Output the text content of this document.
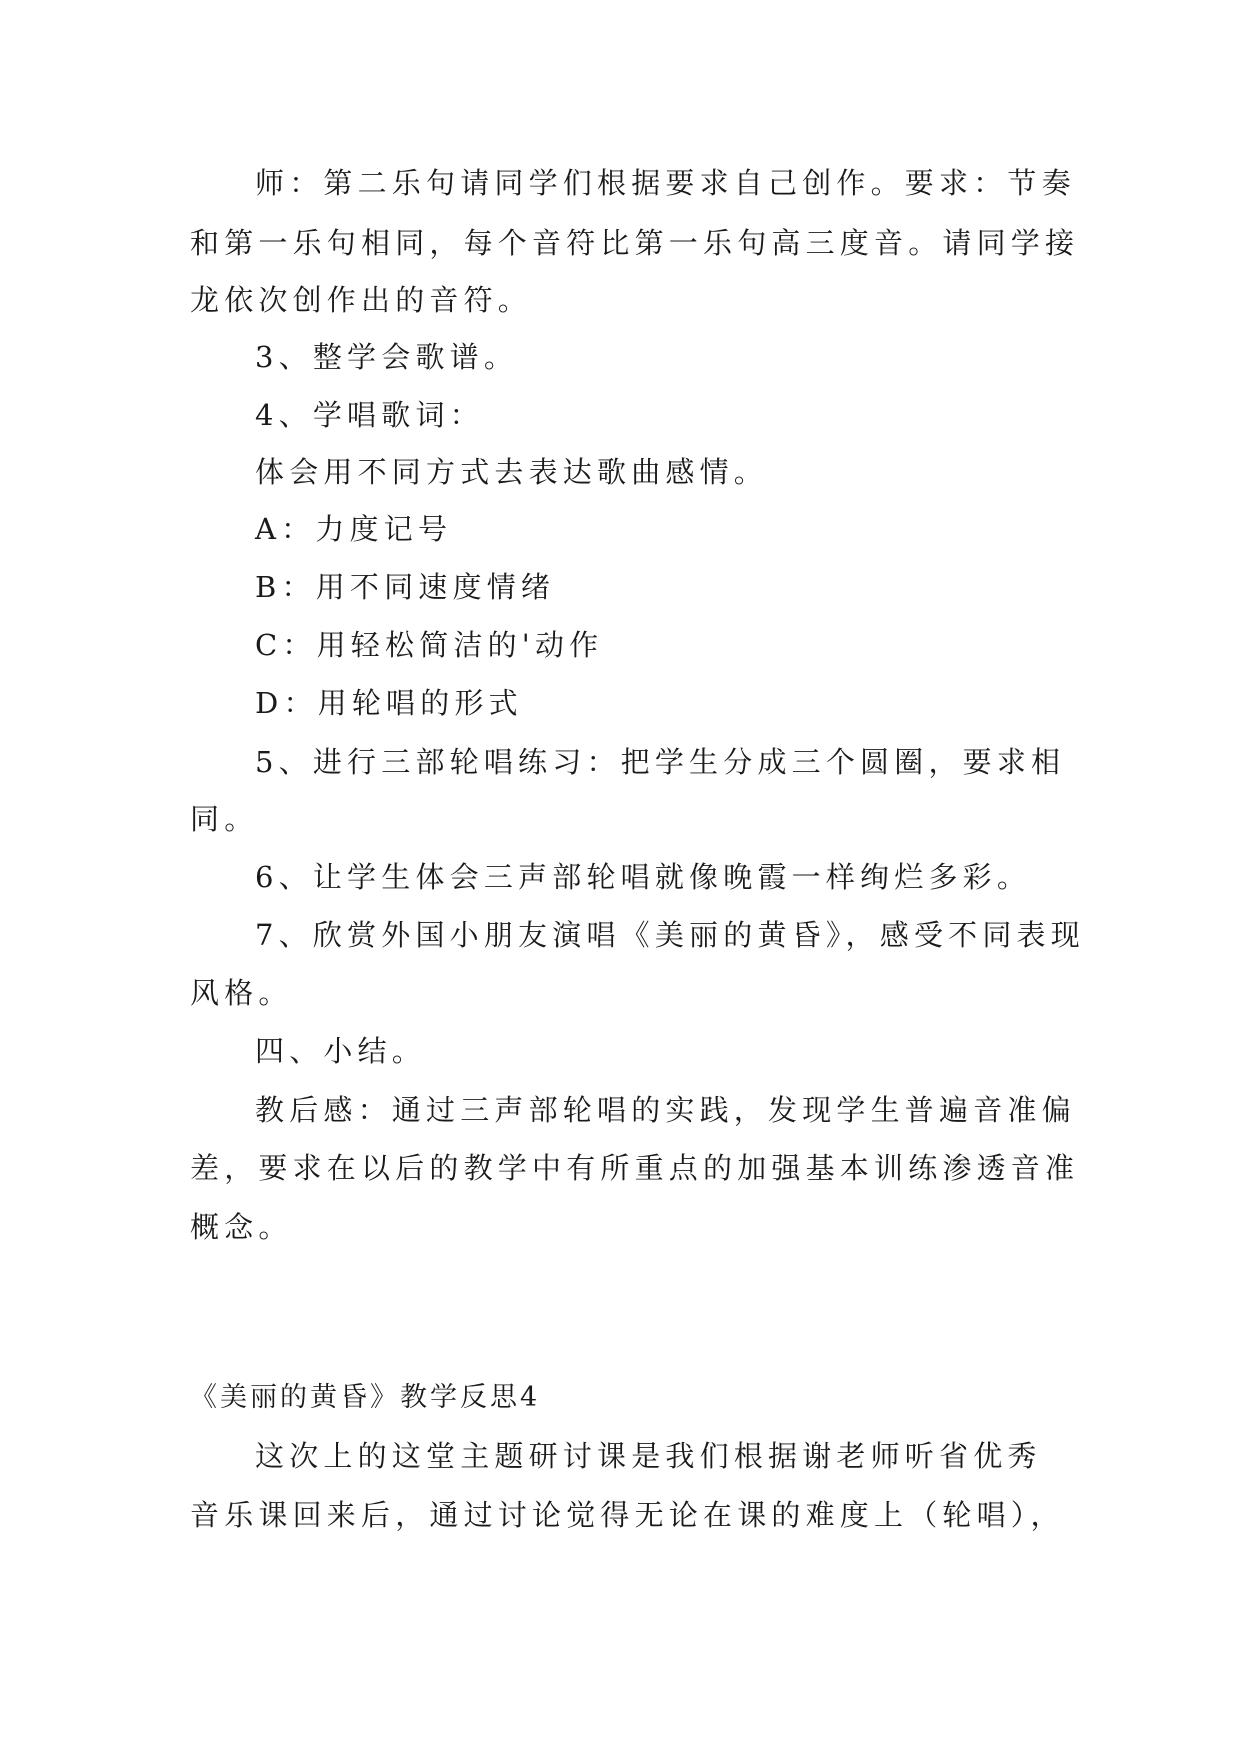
师：第二乐句请同学们根据要求自己创作。要求：节奏
和第一乐句相同，每个音符比第一乐句高三度音。请同学接
龙依次创作出的音符。
3、整学会歌谱。
4、学唱歌词：
体会用不同方式去表达歌曲感情。
A：力度记号
B：用不同速度情绪
C：用轻松简洁的'动作
D：用轮唱的形式
5、进行三部轮唱练习：把学生分成三个圆圈，要求相
同。
6、让学生体会三声部轮唱就像晚霞一样绚烂多彩。
7、欣赏外国小朋友演唱《美丽的黄昏》，感受不同表现
风格。
四、小结。
教后感：通过三声部轮唱的实践，发现学生普遍音准偏
差，要求在以后的教学中有所重点的加强基本训练渗透音准
概念。
《美丽的黄昏》教学反思4
这次上的这堂主题研讨课是我们根据谢老师听省优秀
音乐课回来后，通过讨论觉得无论在课的难度上（轮唱），
